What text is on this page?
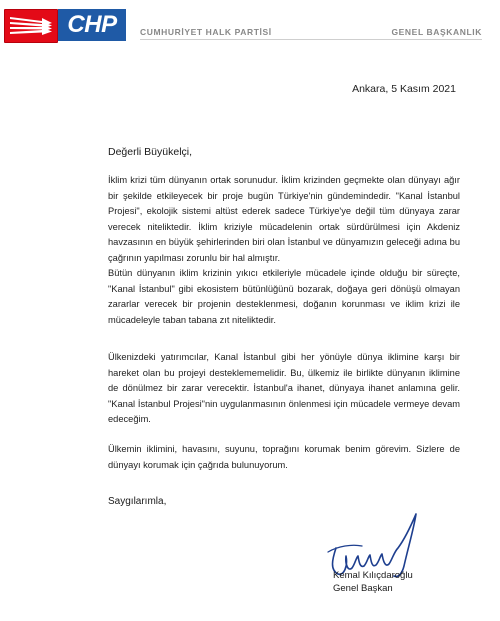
CHP	CUMHURİYET HALK PARTİSİ	GENEL BAŞKANLIK
Ankara, 5 Kasım 2021
Değerli Büyükelçi,

İklim krizi tüm dünyanın ortak sorunudur. İklim krizinden geçmekte olan dünyayı ağır bir şekilde etkileyecek bir proje bugün Türkiye'nin gündemindedir. "Kanal İstanbul Projesi", ekolojik sistemi altüst ederek sadece Türkiye'ye değil tüm dünyaya zarar verecek niteliktedir. İklim kriziyle mücadelenin ortak sürdürülmesi için Akdeniz havzasının en büyük şehirlerinden biri olan İstanbul ve dünyamızın geleceği adına bu çağrının yapılması zorunlu bir hal almıştır.

Bütün dünyanın iklim krizinin yıkıcı etkileriyle mücadele içinde olduğu bir süreçte, "Kanal İstanbul" gibi ekosistem bütünlüğünü bozarak, doğaya geri dönüşü olmayan zararlar verecek bir projenin desteklenmesi, doğanın korunması ve iklim krizi ile mücadeleyle taban tabana zıt niteliktedir.

Ülkenizdeki yatırımcılar, Kanal İstanbul gibi her yönüyle dünya iklimine karşı bir hareket olan bu projeyi desteklememelidir. Bu, ülkemiz ile birlikte dünyanın iklimine de dönülmez bir zarar verecektir. İstanbul'a ihanet, dünyaya ihanet anlamına gelir. "Kanal İstanbul Projesi"nin uygulanmasının önlenmesi için mücadele vermeye devam edeceğim.

Ülkemin iklimini, havasını, suyunu, toprağını korumak benim görevim. Sizlere de dünyayı korumak için çağrıda bulunuyorum.

Saygılarımla,
Kemal Kılıçdaroğlu
Genel Başkan
